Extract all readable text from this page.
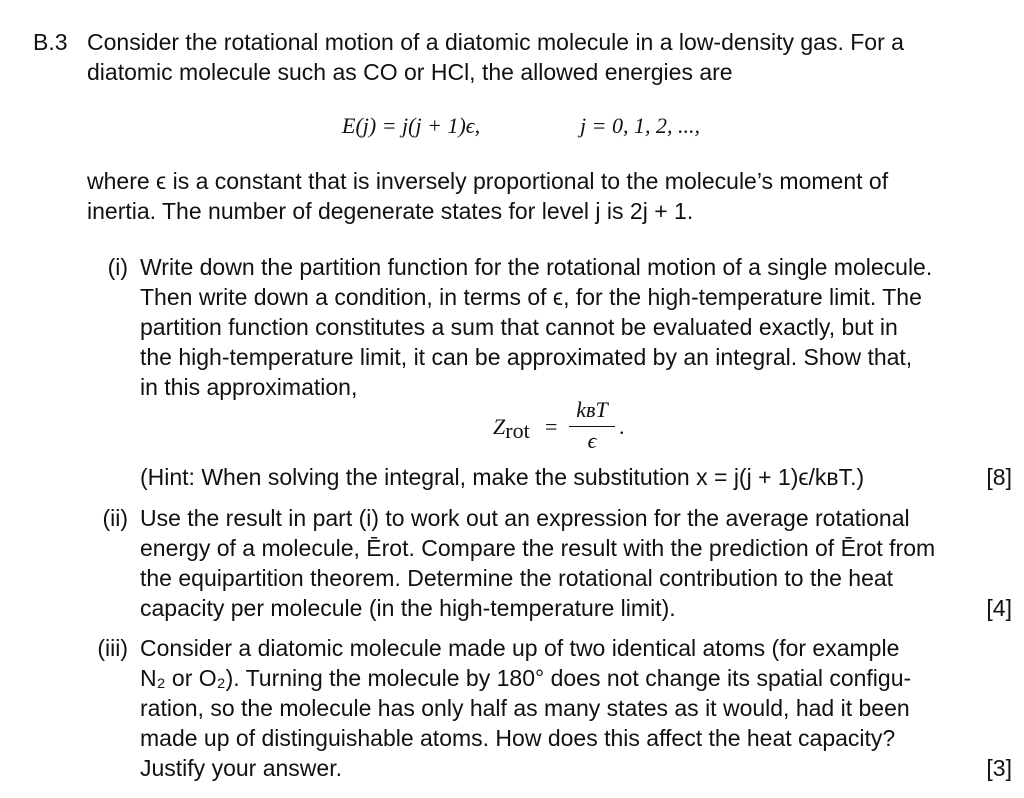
B.3 Consider the rotational motion of a diatomic molecule in a low-density gas. For a
diatomic molecule such as CO or HCl, the allowed energies are
E(j) = j(j + 1)ϵ,	j = 0, 1, 2, ...,
where ϵ is a constant that is inversely proportional to the molecule’s moment of
inertia. The number of degenerate states for level j is 2j + 1.
(i) Write down the partition function for the rotational motion of a single molecule.
Then write down a condition, in terms of ϵ, for the high-temperature limit. The
partition function constitutes a sum that cannot be evaluated exactly, but in
the high-temperature limit, it can be approximated by an integral. Show that,
in this approximation,
$Z_{rot}$ =
kʙT
ϵ
.
(Hint: When solving the integral, make the substitution x = j(j + 1)ϵ/kʙT.)	[8]
(ii) Use the result in part (i) to work out an expression for the average rotational
energy of a molecule, Ērot. Compare the result with the prediction of Ērot from
the equipartition theorem. Determine the rotational contribution to the heat
capacity per molecule (in the high-temperature limit).	[4]
(iii) Consider a diatomic molecule made up of two identical atoms (for example
N₂ or O₂). Turning the molecule by 180° does not change its spatial configu-
ration, so the molecule has only half as many states as it would, had it been
made up of distinguishable atoms. How does this affect the heat capacity?
Justify your answer.	[3]
